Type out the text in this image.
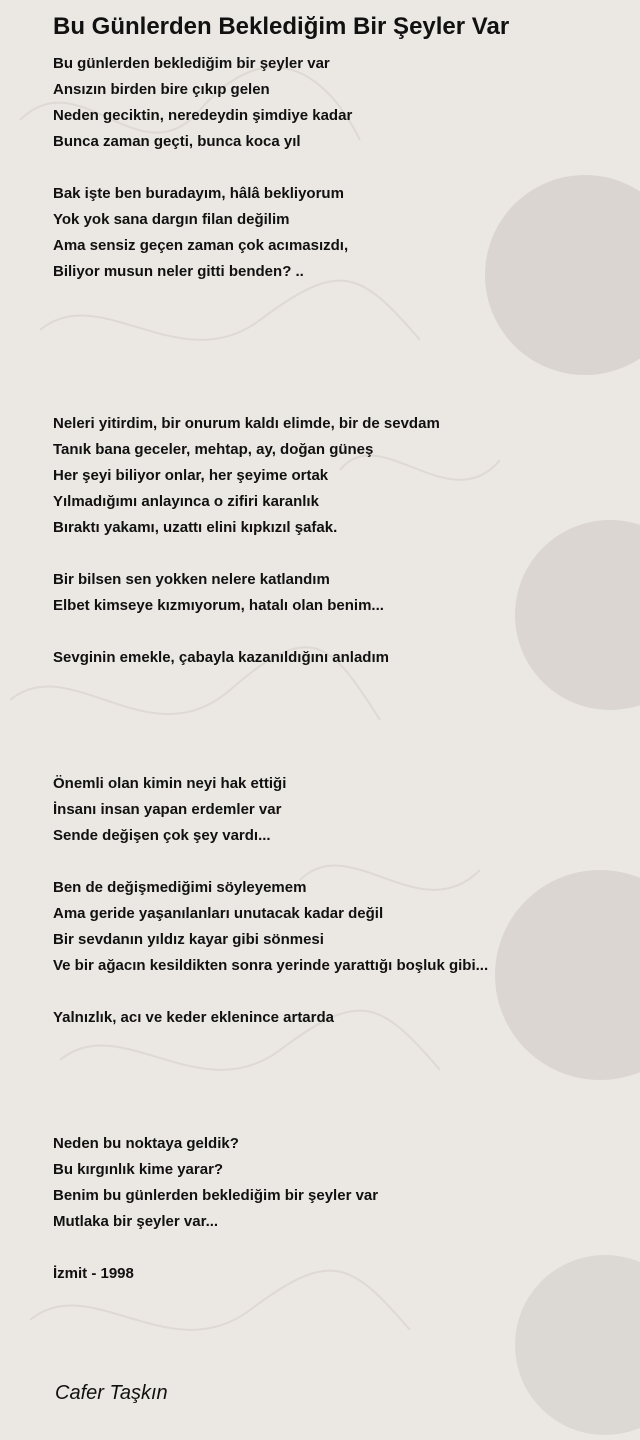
Bu Günlerden Beklediğim Bir Şeyler Var
Bu günlerden beklediğim bir şeyler var
Ansızın birden bire çıkıp gelen
Neden geciktin, neredeydin şimdiye kadar
Bunca zaman geçti, bunca koca yıl
Bak işte ben buradayım, hâlâ bekliyorum
Yok yok sana dargın filan değilim
Ama sensiz geçen zaman çok acımasızdı,
Biliyor musun neler gitti benden? ..
Neleri yitirdim, bir onurum kaldı elimde, bir de sevdam
Tanık bana geceler, mehtap, ay, doğan güneş
Her şeyi biliyor onlar, her şeyime ortak
Yılmadığımı anlayınca o zifiri karanlık
Bıraktı yakamı, uzattı elini kıpkızıl şafak.
Bir bilsen sen yokken nelere katlandım
Elbet kimseye kızmıyorum, hatalı olan benim...
Sevginin emekle, çabayla kazanıldığını anladım
Önemli olan kimin neyi hak ettiği
İnsanı insan yapan erdemler var
Sende değişen çok şey vardı...
Ben de değişmediğimi söyleyemem
Ama geride yaşanılanları unutacak kadar değil
Bir sevdanın yıldız kayar gibi sönmesi
Ve bir ağacın kesildikten sonra yerinde yarattığı boşluk gibi...
Yalnızlık, acı ve keder eklenince artarda
Neden bu noktaya geldik?
Bu kırgınlık kime yarar?
Benim bu günlerden beklediğim bir şeyler var
Mutlaka bir şeyler var...
İzmit - 1998
Cafer Taşkın
